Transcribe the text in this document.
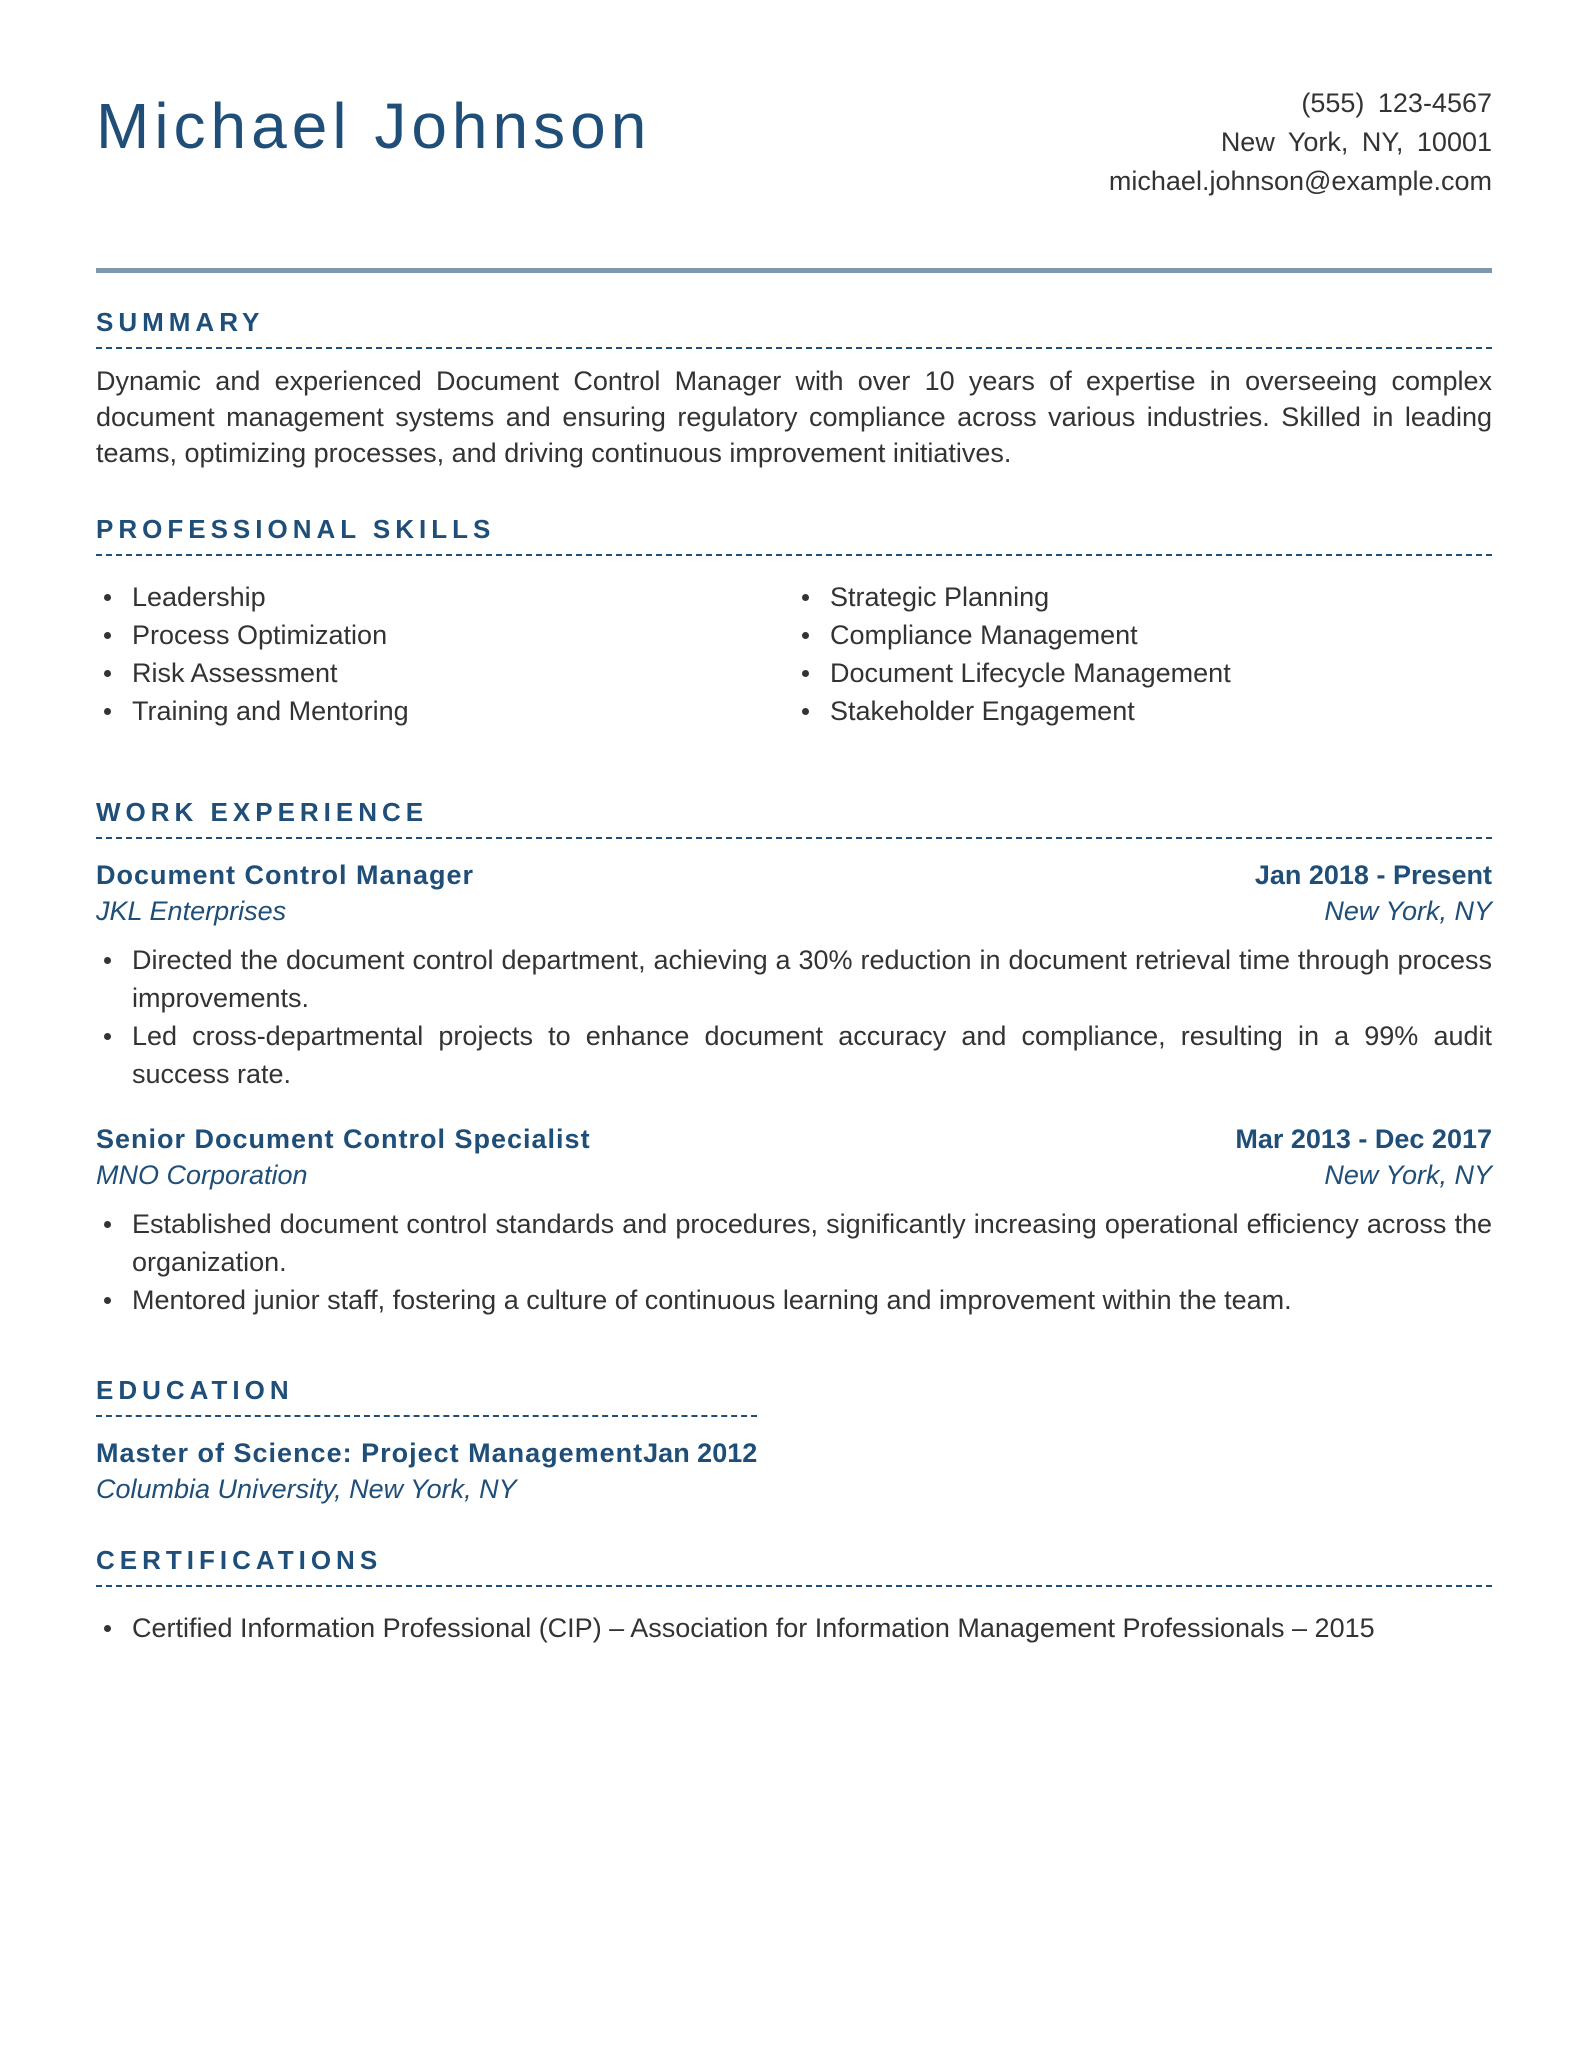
Michael Johnson	(555) 123-4567
New York, NY, 10001
michael.johnson@example.com
SUMMARY
Dynamic and experienced Document Control Manager with over 10 years of expertise in overseeing complex document management systems and ensuring regulatory compliance across various industries. Skilled in leading teams, optimizing processes, and driving continuous improvement initiatives.
PROFESSIONAL SKILLS
Leadership
Process Optimization
Risk Assessment
Training and Mentoring
Strategic Planning
Compliance Management
Document Lifecycle Management
Stakeholder Engagement
WORK EXPERIENCE
Document Control Manager	Jan 2018 - Present
JKL Enterprises	New York, NY
Directed the document control department, achieving a 30% reduction in document retrieval time through process improvements.
Led cross-departmental projects to enhance document accuracy and compliance, resulting in a 99% audit success rate.
Senior Document Control Specialist	Mar 2013 - Dec 2017
MNO Corporation	New York, NY
Established document control standards and procedures, significantly increasing operational efficiency across the organization.
Mentored junior staff, fostering a culture of continuous learning and improvement within the team.
EDUCATION
Master of Science: Project Management Jan 2012
Columbia University, New York, NY
CERTIFICATIONS
Certified Information Professional (CIP) – Association for Information Management Professionals – 2015
